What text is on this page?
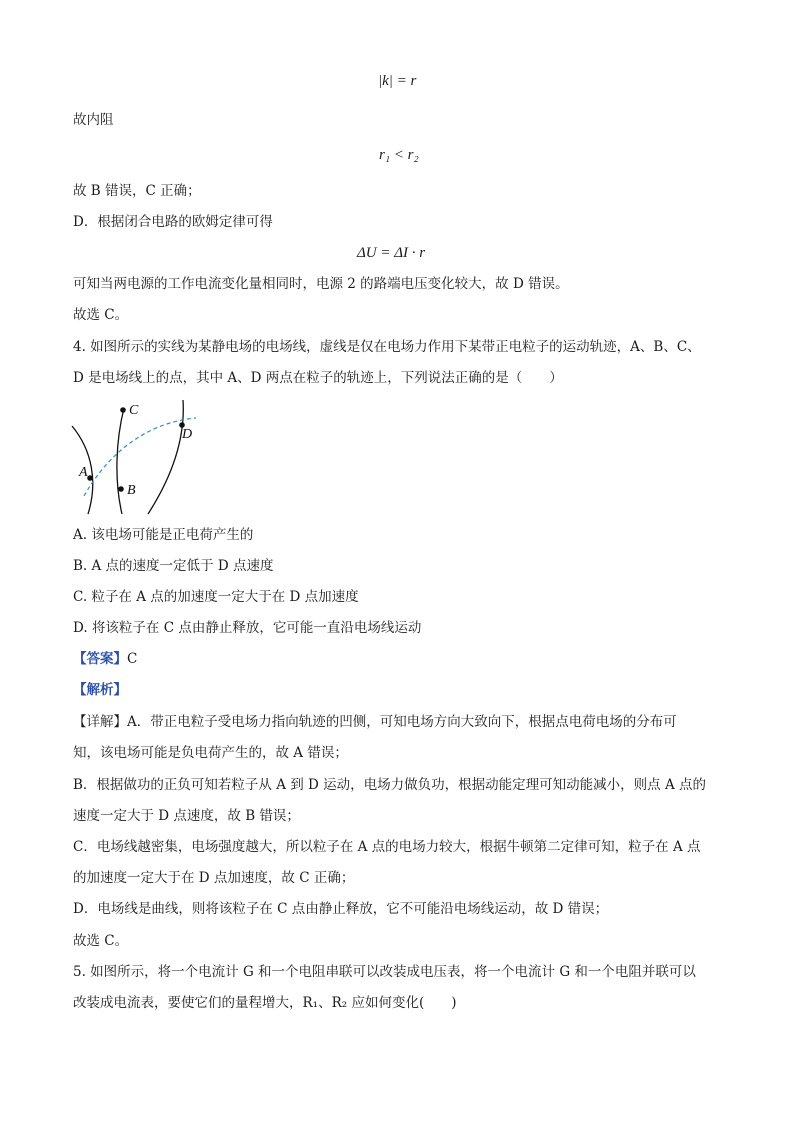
|k| = r
故内阻
r₁ < r₂
故 B 错误，C 正确；
D．根据闭合电路的欧姆定律可得
ΔU = ΔI · r
可知当两电源的工作电流变化量相同时，电源 2 的路端电压变化较大，故 D 错误。
故选 C。
4. 如图所示的实线为某静电场的电场线，虚线是仅在电场力作用下某带正电粒子的运动轨迹，A、B、C、
D 是电场线上的点，其中 A、D 两点在粒子的轨迹上，下列说法正确的是（　　）
A
B
C
D
A. 该电场可能是正电荷产生的
B. A 点的速度一定低于 D 点速度
C. 粒子在 A 点的加速度一定大于在 D 点加速度
D. 将该粒子在 C 点由静止释放，它可能一直沿电场线运动
【答案】C
【解析】
【详解】A．带正电粒子受电场力指向轨迹的凹侧，可知电场方向大致向下，根据点电荷电场的分布可
知，该电场可能是负电荷产生的，故 A 错误；
B．根据做功的正负可知若粒子从 A 到 D 运动，电场力做负功，根据动能定理可知动能减小，则点 A 点的
速度一定大于 D 点速度，故 B 错误；
C．电场线越密集，电场强度越大，所以粒子在 A 点的电场力较大，根据牛顿第二定律可知，粒子在 A 点
的加速度一定大于在 D 点加速度，故 C 正确；
D．电场线是曲线，则将该粒子在 C 点由静止释放，它不可能沿电场线运动，故 D 错误；
故选 C。
5. 如图所示，将一个电流计 G 和一个电阻串联可以改装成电压表，将一个电流计 G 和一个电阻并联可以
改装成电流表，要使它们的量程增大，R₁、R₂ 应如何变化(　　)
